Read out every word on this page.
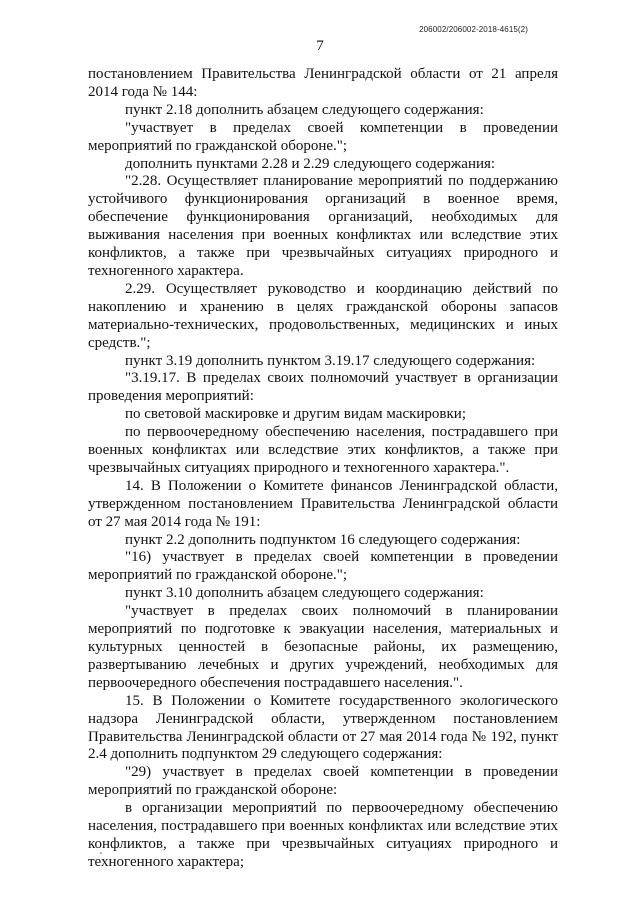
206002/206002-2018-4615(2)
7

постановлением Правительства Ленинградской области от 21 апреля 2014 года № 144:

пункт 2.18 дополнить абзацем следующего содержания:

"участвует в пределах своей компетенции в проведении мероприятий по гражданской обороне.";

дополнить пунктами 2.28 и 2.29 следующего содержания:

"2.28. Осуществляет планирование мероприятий по поддержанию устойчивого функционирования организаций в военное время, обеспечение функционирования организаций, необходимых для выживания населения при военных конфликтах или вследствие этих конфликтов, а также при чрезвычайных ситуациях природного и техногенного характера.

2.29. Осуществляет руководство и координацию действий по накоплению и хранению в целях гражданской обороны запасов материально-технических, продовольственных, медицинских и иных средств.";

пункт 3.19 дополнить пунктом 3.19.17 следующего содержания:

"3.19.17. В пределах своих полномочий участвует в организации проведения мероприятий:

по световой маскировке и другим видам маскировки;

по первоочередному обеспечению населения, пострадавшего при военных конфликтах или вследствие этих конфликтов, а также при чрезвычайных ситуациях природного и техногенного характера.".

14. В Положении о Комитете финансов Ленинградской области, утвержденном постановлением Правительства Ленинградской области от 27 мая 2014 года № 191:

пункт 2.2 дополнить подпунктом 16 следующего содержания:

"16) участвует в пределах своей компетенции в проведении мероприятий по гражданской обороне.";

пункт 3.10 дополнить абзацем следующего содержания:

"участвует в пределах своих полномочий в планировании мероприятий по подготовке к эвакуации населения, материальных и культурных ценностей в безопасные районы, их размещению, развертыванию лечебных и других учреждений, необходимых для первоочередного обеспечения пострадавшего населения.".

15. В Положении о Комитете государственного экологического надзора Ленинградской области, утвержденном постановлением Правительства Ленинградской области от 27 мая 2014 года № 192, пункт 2.4 дополнить подпунктом 29 следующего содержания:

"29) участвует в пределах своей компетенции в проведении мероприятий по гражданской обороне:

в организации мероприятий по первоочередному обеспечению населения, пострадавшего при военных конфликтах или вследствие этих конфликтов, а также при чрезвычайных ситуациях природного и техногенного характера;
